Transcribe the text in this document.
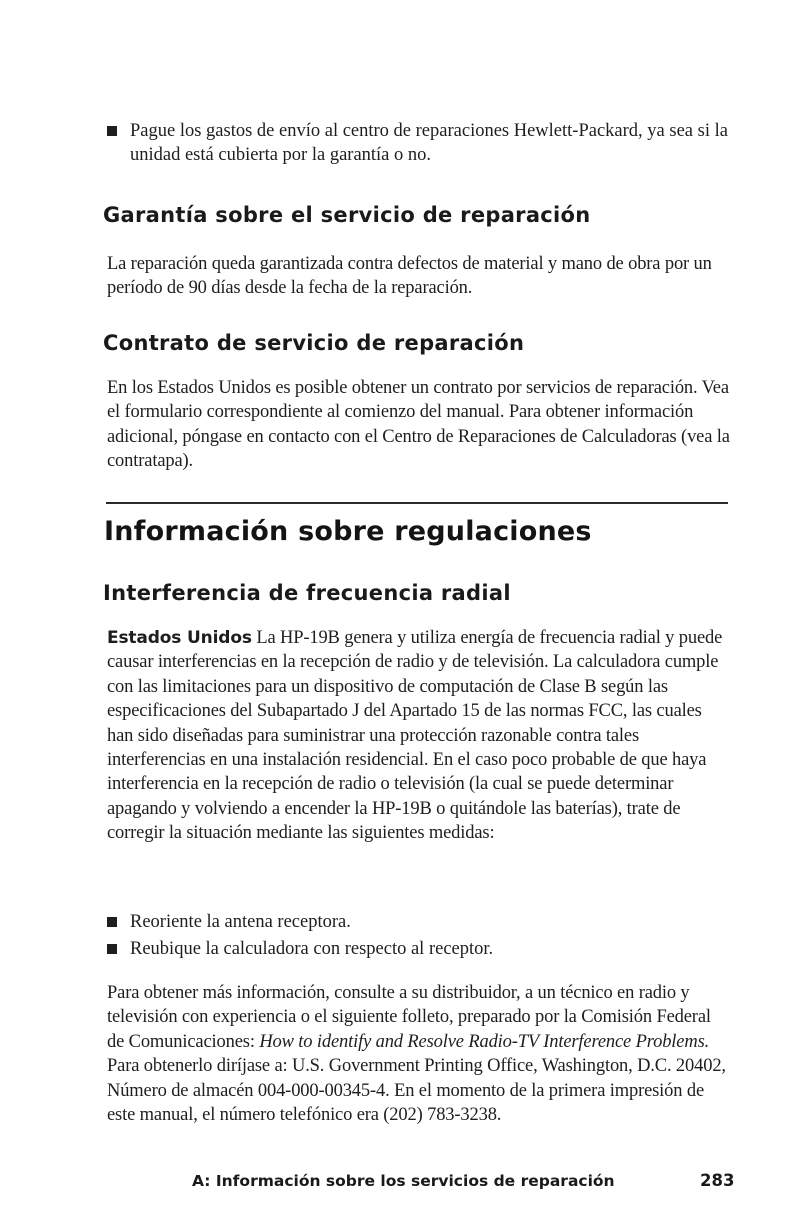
Pague los gastos de envío al centro de reparaciones Hewlett-Packard, ya sea si la unidad está cubierta por la garantía o no.
Garantía sobre el servicio de reparación

La reparación queda garantizada contra defectos de material y mano de obra por un período de 90 días desde la fecha de la reparación.

Contrato de servicio de reparación

En los Estados Unidos es posible obtener un contrato por servicios de reparación. Vea el formulario correspondiente al comienzo del manual. Para obtener información adicional, póngase en contacto con el Centro de Reparaciones de Calculadoras (vea la contratapa).

Información sobre regulaciones
Interferencia de frecuencia radial

Estados Unidos La HP-19B genera y utiliza energía de frecuencia radial y puede causar interferencias en la recepción de radio y de televisión. La calculadora cumple con las limitaciones para un dispositivo de computación de Clase B según las especificaciones del Subapartado J del Apartado 15 de las normas FCC, las cuales han sido diseñadas para suministrar una protección razonable contra tales interferencias en una instalación residencial. En el caso poco probable de que haya interferencia en la recepción de radio o televisión (la cual se puede determinar apagando y volviendo a encender la HP-19B o quitándole las baterías), trate de corregir la situación mediante las siguientes medidas:

Reoriente la antena receptora.
Reubique la calculadora con respecto al receptor.

Para obtener más información, consulte a su distribuidor, a un técnico en radio y televisión con experiencia o el siguiente folleto, preparado por la Comisión Federal de Comunicaciones: How to identify and Resolve Radio-TV Interference Problems. Para obtenerlo diríjase a: U.S. Government Printing Office, Washington, D.C. 20402, Número de almacén 004-000-00345-4. En el momento de la primera impresión de este manual, el número telefónico era (202) 783-3238.

A: Información sobre los servicios de reparación	283
